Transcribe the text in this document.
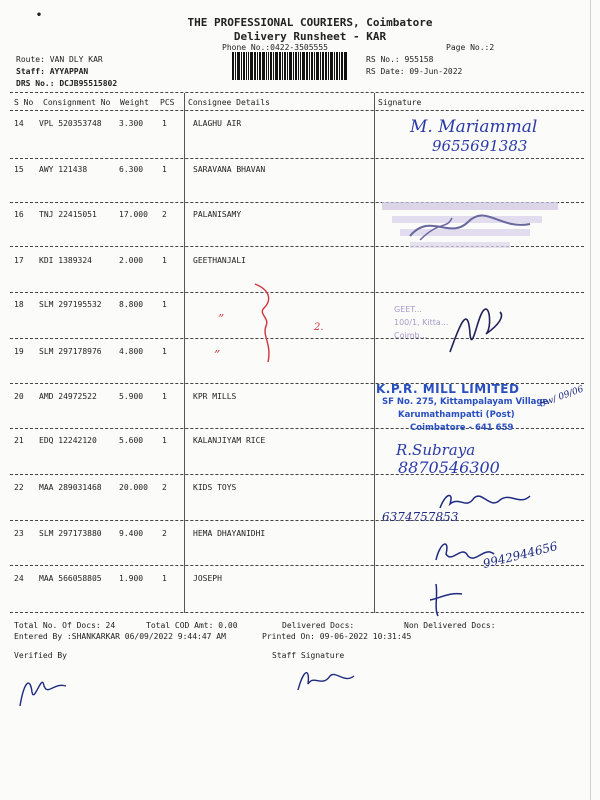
•
THE PROFESSIONAL COURIERS, Coimbatore
Delivery Runsheet - KAR
Phone No.:0422-3505555	Page No.:2
Route: VAN DLY KAR
Staff: AYYAPPAN
DRS No.: DCJB95515802
RS No.: 955158
RS Date: 09-Jun-2022
S No Consignment No Weight PCS Consignee Details	Signature
14 VPL 520353748 3.300 1	ALAGHU AIR
15 AWY 121438	6.300 1	SARAVANA BHAVAN
16 TNJ 22415051	17.000 2	PALANISAMY
17 KDI 1389324	2.000 1	GEETHANJALI
18 SLM 297195532 8.800 1
19 SLM 297178976 4.800 1
20 AMD 24972522	5.900 1	KPR MILLS
21 EDQ 12242120	5.600 1	KALANJIYAM RICE
22 MAA 289031468 20.000 2	KIDS TOYS
23 SLM 297173880 9.400 2	HEMA DHAYANIDHI
24 MAA 566058805 1.900 1	JOSEPH
Total No. Of Docs: 24	Total COD Amt: 0.00	Delivered Docs:	Non Delivered Docs:
Entered By :SHANKARKAR 06/09/2022 9:44:47 AM	Printed On: 09-06-2022 10:31:45
Verified By	Staff Signature
M. Mariammal
9655691383
”
2.
”
GEET...
100/1, Kitta...
Coimb...
K.P.R. MILL LIMITED
SF No. 275, Kittampalayam Village
Karumathampatti (Post)
Coimbatore - 641 659
Sw/ 09/06
R.Subraya
8870546300
6374757853
9942944656
